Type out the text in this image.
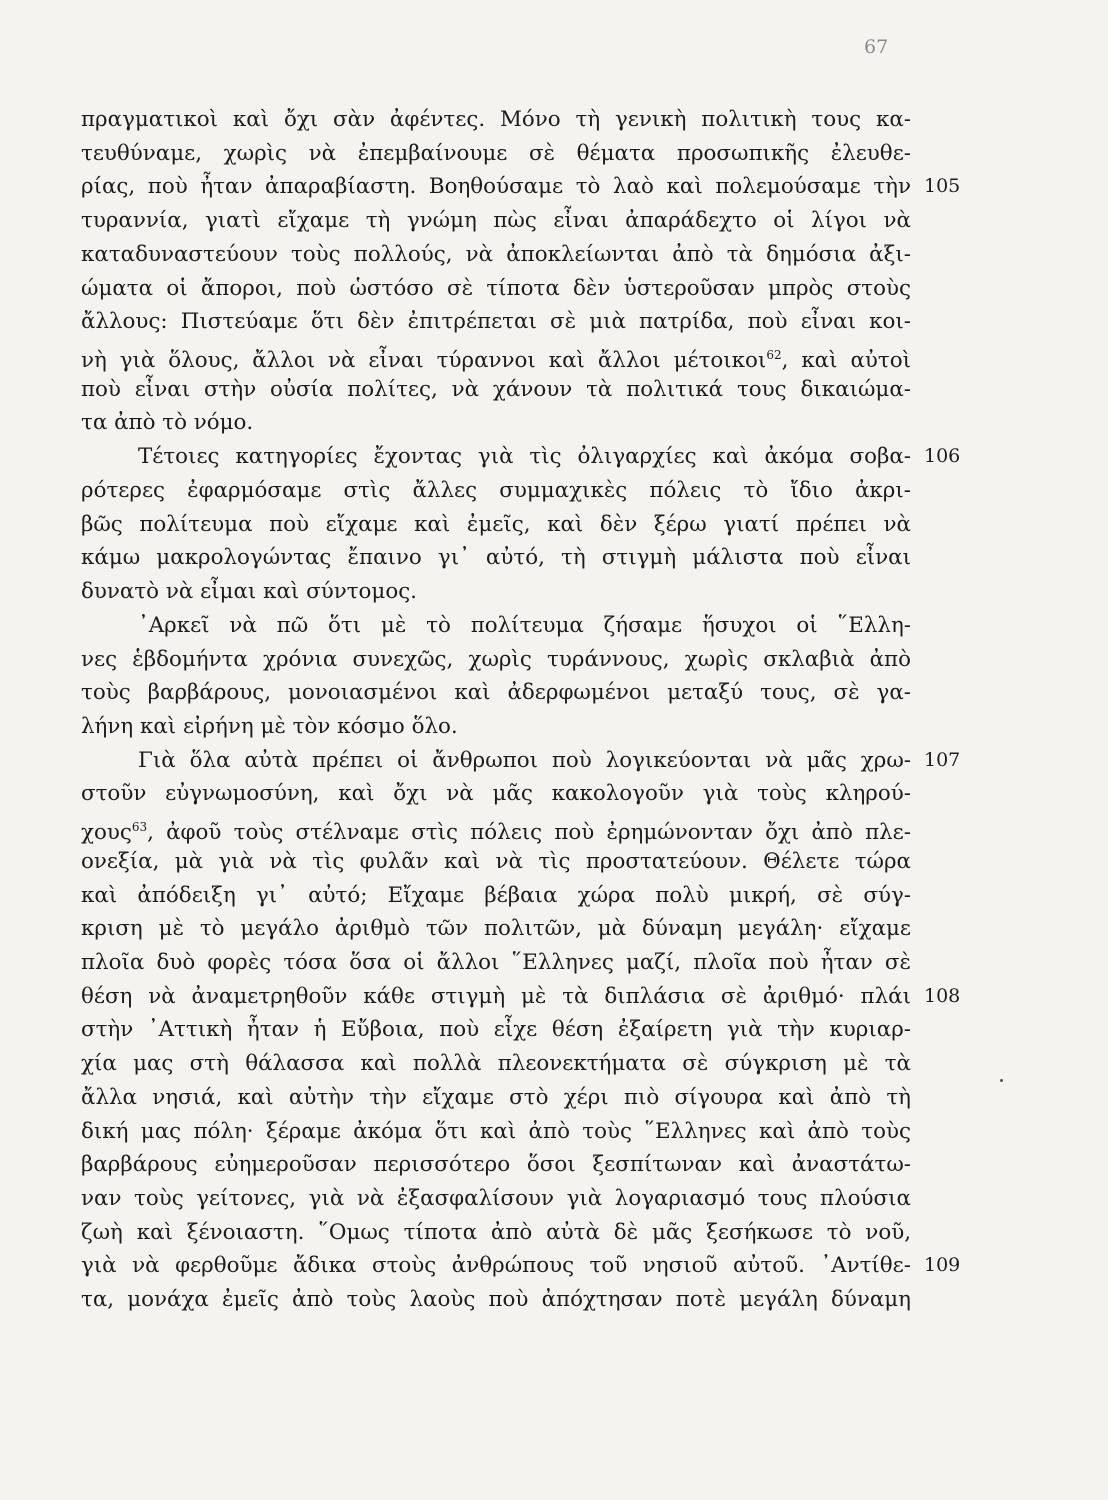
67
πραγματικοὶ καὶ ὄχι σὰν ἀφέντες. Μόνο τὴ γενικὴ πολιτικὴ τους κα-
τευθύναμε, χωρὶς νὰ ἐπεμβαίνουμε σὲ θέματα προσωπικῆς ἐλευθε-
ρίας, ποὺ ἦταν ἀπαραβίαστη. Βοηθούσαμε τὸ λαὸ καὶ πολεμούσαμε τὴν 105
τυραννία, γιατὶ εἴχαμε τὴ γνώμη πὼς εἶναι ἀπαράδεχτο οἱ λίγοι νὰ
καταδυναστεύουν τοὺς πολλούς, νὰ ἀποκλείωνται ἀπὸ τὰ δημόσια ἀξι-
ώματα οἱ ἄποροι, ποὺ ὡστόσο σὲ τίποτα δὲν ὑστεροῦσαν μπρὸς στοὺς
ἄλλους: Πιστεύαμε ὅτι δὲν ἐπιτρέπεται σὲ μιὰ πατρίδα, ποὺ εἶναι κοι-
νὴ γιὰ ὅλους, ἄλλοι νὰ εἶναι τύραννοι καὶ ἄλλοι μέτοικοι$^{62}$, καὶ αὐτοὶ
ποὺ εἶναι στὴν οὐσία πολίτες, νὰ χάνουν τὰ πολιτικά τους δικαιώμα-
τα ἀπὸ τὸ νόμο.
Τέτοιες κατηγορίες ἔχοντας γιὰ τὶς ὀλιγαρχίες καὶ ἀκόμα σοβα- 106
ρότερες ἐφαρμόσαμε στὶς ἄλλες συμμαχικὲς πόλεις τὸ ἴδιο ἀκρι-
βῶς πολίτευμα ποὺ εἴχαμε καὶ ἐμεῖς, καὶ δὲν ξέρω γιατί πρέπει νὰ
κάμω μακρολογώντας ἔπαινο γι᾿ αὐτό, τὴ στιγμὴ μάλιστα ποὺ εἶναι
δυνατὸ νὰ εἶμαι καὶ σύντομος.
᾿Αρκεῖ νὰ πῶ ὅτι μὲ τὸ πολίτευμα ζήσαμε ἥσυχοι οἱ ῞Ελλη-
νες ἑβδομήντα χρόνια συνεχῶς, χωρὶς τυράννους, χωρὶς σκλαβιὰ ἀπὸ
τοὺς βαρβάρους, μονοιασμένοι καὶ ἀδερφωμένοι μεταξύ τους, σὲ γα-
λήνη καὶ εἰρήνη μὲ τὸν κόσμο ὅλο.
Γιὰ ὅλα αὐτὰ πρέπει οἱ ἄνθρωποι ποὺ λογικεύονται νὰ μᾶς χρω- 107
στοῦν εὐγνωμοσύνη, καὶ ὄχι νὰ μᾶς κακολογοῦν γιὰ τοὺς κληρού-
χους$^{63}$, ἀφοῦ τοὺς στέλναμε στὶς πόλεις ποὺ ἐρημώνονταν ὄχι ἀπὸ πλε-
ονεξία, μὰ γιὰ νὰ τὶς φυλᾶν καὶ νὰ τὶς προστατεύουν. Θέλετε τώρα
καὶ ἀπόδειξη γι᾿ αὐτό; Εἴχαμε βέβαια χώρα πολὺ μικρή, σὲ σύγ-
κριση μὲ τὸ μεγάλο ἀριθμὸ τῶν πολιτῶν, μὰ δύναμη μεγάλη· εἴχαμε
πλοῖα δυὸ φορὲς τόσα ὅσα οἱ ἄλλοι ῞Ελληνες μαζί, πλοῖα ποὺ ἦταν σὲ
θέση νὰ ἀναμετρηθοῦν κάθε στιγμὴ μὲ τὰ διπλάσια σὲ ἀριθμό· πλάι 108
στὴν ᾿Αττικὴ ἦταν ἡ Εὔβοια, ποὺ εἶχε θέση ἐξαίρετη γιὰ τὴν κυριαρ-
χία μας στὴ θάλασσα καὶ πολλὰ πλεονεκτήματα σὲ σύγκριση μὲ τὰ
ἄλλα νησιά, καὶ αὐτὴν τὴν εἴχαμε στὸ χέρι πιὸ σίγουρα καὶ ἀπὸ τὴ
δική μας πόλη· ξέραμε ἀκόμα ὅτι καὶ ἀπὸ τοὺς ῞Ελληνες καὶ ἀπὸ τοὺς
βαρβάρους εὐημεροῦσαν περισσότερο ὅσοι ξεσπίτωναν καὶ ἀναστάτω-
ναν τοὺς γείτονες, γιὰ νὰ ἐξασφαλίσουν γιὰ λογαριασμό τους πλούσια
ζωὴ καὶ ξένοιαστη. ῞Ομως τίποτα ἀπὸ αὐτὰ δὲ μᾶς ξεσήκωσε τὸ νοῦ,
γιὰ νὰ φερθοῦμε ἄδικα στοὺς ἀνθρώπους τοῦ νησιοῦ αὐτοῦ. ᾿Αντίθε- 109
τα, μονάχα ἐμεῖς ἀπὸ τοὺς λαοὺς ποὺ ἀπόχτησαν ποτὲ μεγάλη δύναμη
